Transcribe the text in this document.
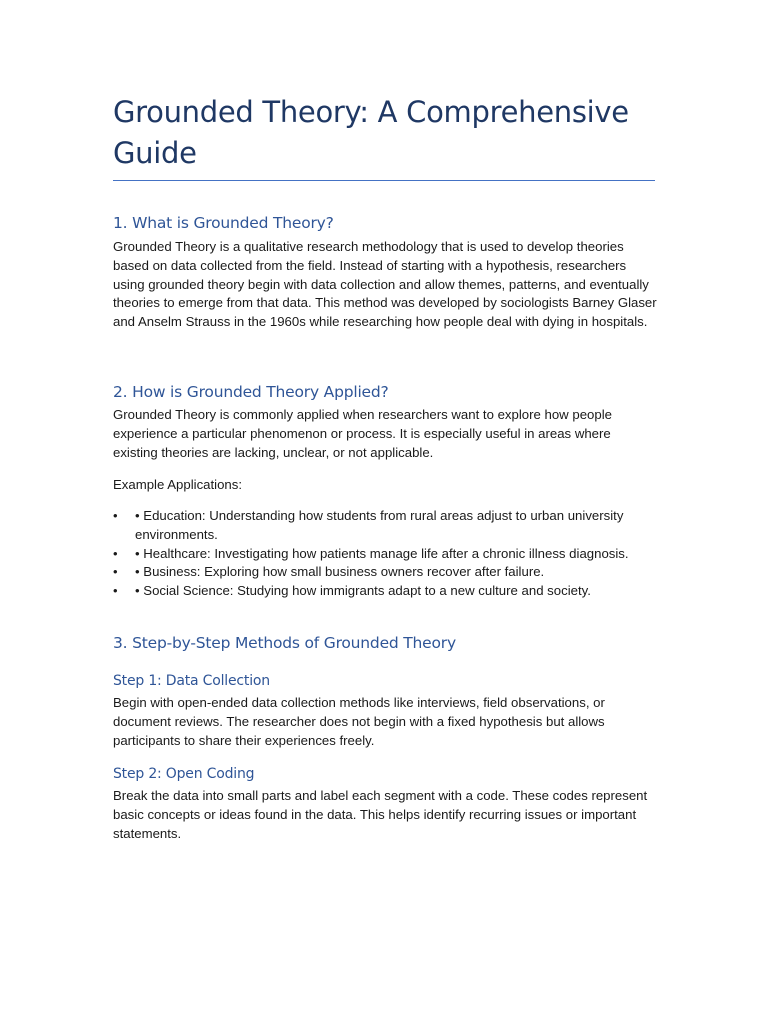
Grounded Theory: A Comprehensive Guide
1. What is Grounded Theory?

Grounded Theory is a qualitative research methodology that is used to develop theories based on data collected from the field. Instead of starting with a hypothesis, researchers using grounded theory begin with data collection and allow themes, patterns, and eventually theories to emerge from that data. This method was developed by sociologists Barney Glaser and Anselm Strauss in the 1960s while researching how people deal with dying in hospitals.

2. How is Grounded Theory Applied?

Grounded Theory is commonly applied when researchers want to explore how people experience a particular phenomenon or process. It is especially useful in areas where existing theories are lacking, unclear, or not applicable.

Example Applications:

• • Education: Understanding how students from rural areas adjust to urban university environments.
• • Healthcare: Investigating how patients manage life after a chronic illness diagnosis.
• • Business: Exploring how small business owners recover after failure.
• • Social Science: Studying how immigrants adapt to a new culture and society.
3. Step-by-Step Methods of Grounded Theory
Step 1: Data Collection

Begin with open-ended data collection methods like interviews, field observations, or document reviews. The researcher does not begin with a fixed hypothesis but allows participants to share their experiences freely.

Step 2: Open Coding

Break the data into small parts and label each segment with a code. These codes represent basic concepts or ideas found in the data. This helps identify recurring issues or important statements.
